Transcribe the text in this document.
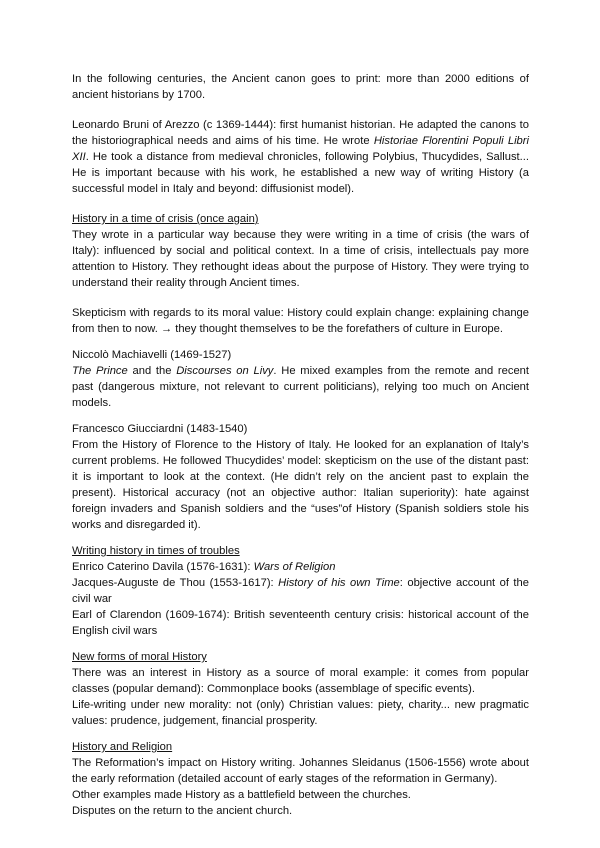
In the following centuries, the Ancient canon goes to print: more than 2000 editions of ancient historians by 1700.

Leonardo Bruni of Arezzo (c 1369-1444): first humanist historian. He adapted the canons to the historiographical needs and aims of his time. He wrote Historiae Florentini Populi Libri XII. He took a distance from medieval chronicles, following Polybius, Thucydides, Sallust... He is important because with his work, he established a new way of writing History (a successful model in Italy and beyond: diffusionist model).

History in a time of crisis (once again)

They wrote in a particular way because they were writing in a time of crisis (the wars of Italy): influenced by social and political context. In a time of crisis, intellectuals pay more attention to History. They rethought ideas about the purpose of History. They were trying to understand their reality through Ancient times.

Skepticism with regards to its moral value: History could explain change: explaining change from then to now. → they thought themselves to be the forefathers of culture in Europe.

Niccolò Machiavelli (1469-1527)

The Prince and the Discourses on Livy. He mixed examples from the remote and recent past (dangerous mixture, not relevant to current politicians), relying too much on Ancient models.

Francesco Giucciardni (1483-1540)

From the History of Florence to the History of Italy. He looked for an explanation of Italy’s current problems. He followed Thucydides’ model: skepticism on the use of the distant past: it is important to look at the context. (He didn’t rely on the ancient past to explain the present). Historical accuracy (not an objective author: Italian superiority): hate against foreign invaders and Spanish soldiers and the “uses”of History (Spanish soldiers stole his works and disregarded it).

Writing history in times of troubles

Enrico Caterino Davila (1576-1631): Wars of Religion

Jacques-Auguste de Thou (1553-1617): History of his own Time: objective account of the civil war

Earl of Clarendon (1609-1674): British seventeenth century crisis: historical account of the English civil wars

New forms of moral History

There was an interest in History as a source of moral example: it comes from popular classes (popular demand): Commonplace books (assemblage of specific events).

Life-writing under new morality: not (only) Christian values: piety, charity... new pragmatic values: prudence, judgement, financial prosperity.

History and Religion

The Reformation’s impact on History writing. Johannes Sleidanus (1506-1556) wrote about the early reformation (detailed account of early stages of the reformation in Germany).

Other examples made History as a battlefield between the churches.

Disputes on the return to the ancient church.
